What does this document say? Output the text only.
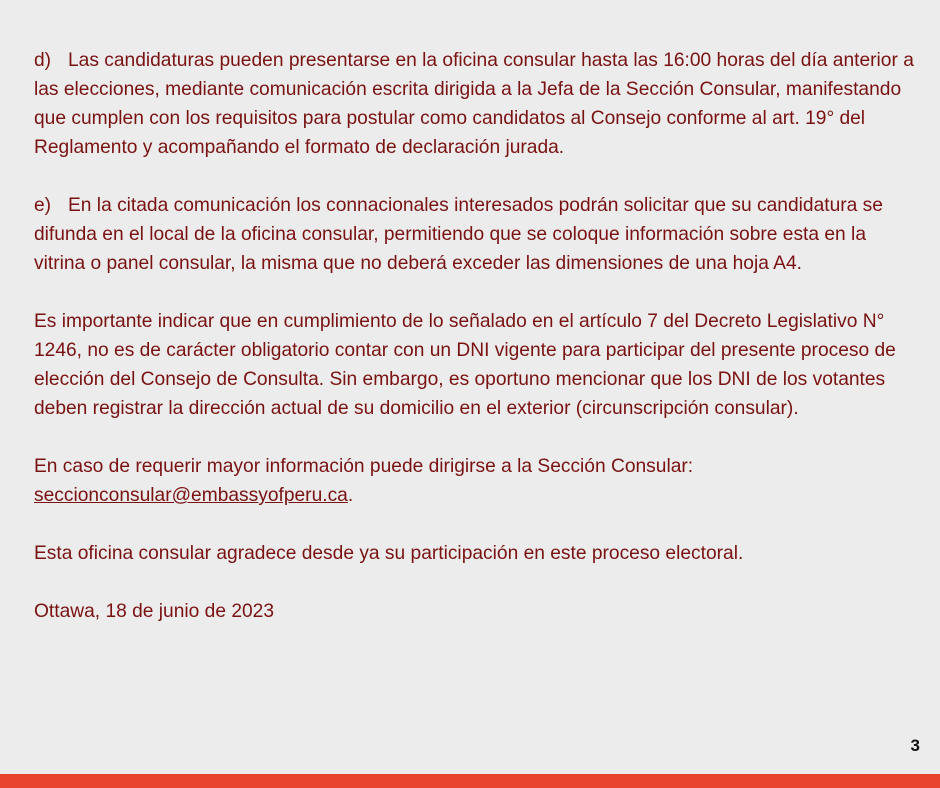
d) Las candidaturas pueden presentarse en la oficina consular hasta las 16:00 horas del día anterior a las elecciones, mediante comunicación escrita dirigida a la Jefa de la Sección Consular, manifestando que cumplen con los requisitos para postular como candidatos al Consejo conforme al art. 19° del Reglamento y acompañando el formato de declaración jurada.

e) En la citada comunicación los connacionales interesados podrán solicitar que su candidatura se difunda en el local de la oficina consular, permitiendo que se coloque información sobre esta en la vitrina o panel consular, la misma que no deberá exceder las dimensiones de una hoja A4.

Es importante indicar que en cumplimiento de lo señalado en el artículo 7 del Decreto Legislativo N° 1246, no es de carácter obligatorio contar con un DNI vigente para participar del presente proceso de elección del Consejo de Consulta. Sin embargo, es oportuno mencionar que los DNI de los votantes deben registrar la dirección actual de su domicilio en el exterior (circunscripción consular).

En caso de requerir mayor información puede dirigirse a la Sección Consular:
seccionconsular@embassyofperu.ca.

Esta oficina consular agradece desde ya su participación en este proceso electoral.

Ottawa, 18 de junio de 2023

3
